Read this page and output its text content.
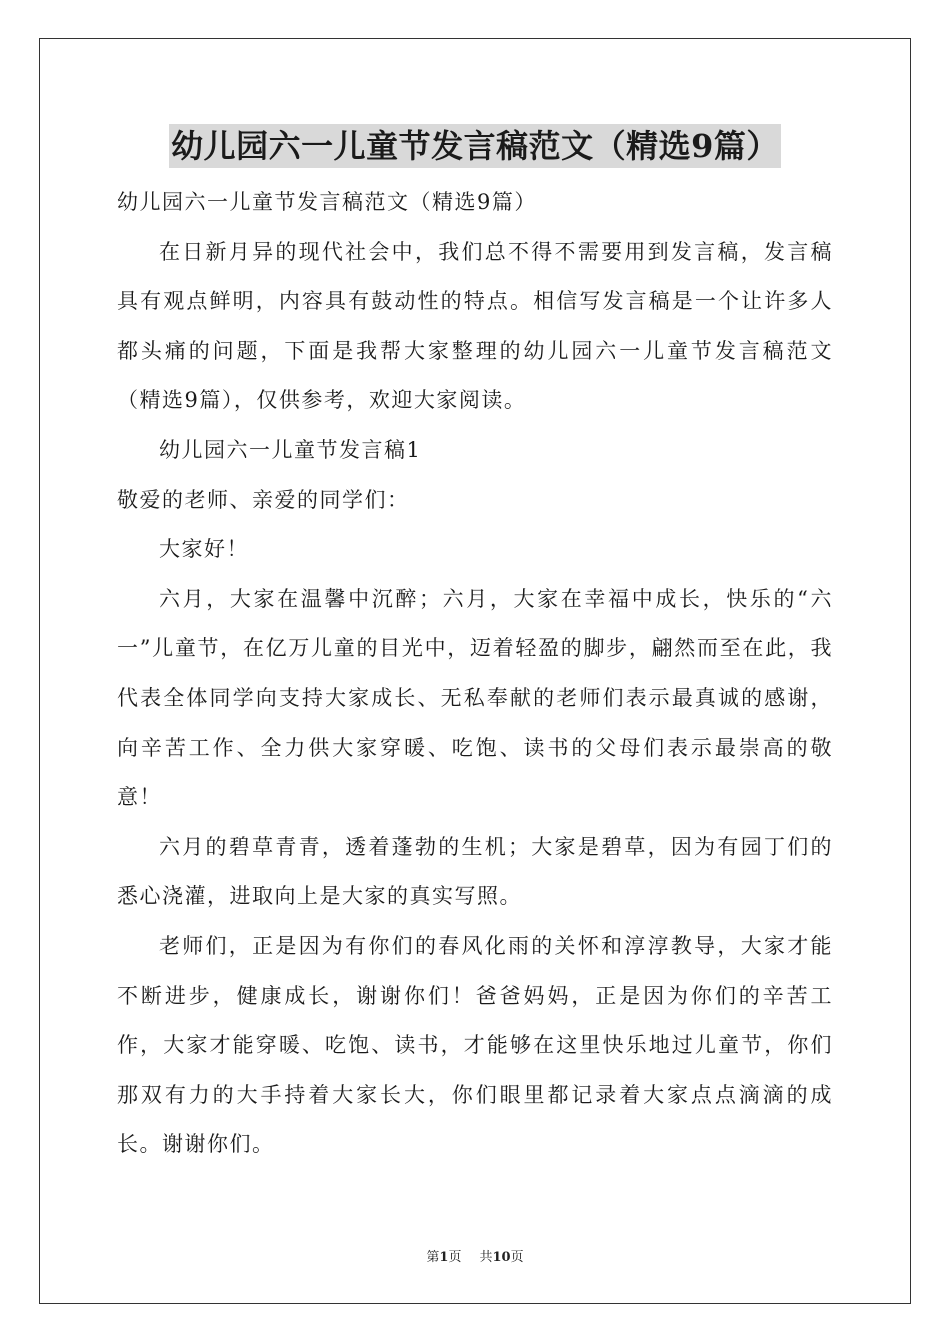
幼儿园六一儿童节发言稿范文（精选9篇）

幼儿园六一儿童节发言稿范文（精选9篇）

在日新月异的现代社会中，我们总不得不需要用到发言稿，发言稿具有观点鲜明，内容具有鼓动性的特点。相信写发言稿是一个让许多人都头痛的问题，下面是我帮大家整理的幼儿园六一儿童节发言稿范文（精选9篇），仅供参考，欢迎大家阅读。

幼儿园六一儿童节发言稿1

敬爱的老师、亲爱的同学们：

大家好！

六月，大家在温馨中沉醉；六月，大家在幸福中成长，快乐的“六一”儿童节，在亿万儿童的目光中，迈着轻盈的脚步，翩然而至在此，我代表全体同学向支持大家成长、无私奉献的老师们表示最真诚的感谢，向辛苦工作、全力供大家穿暖、吃饱、读书的父母们表示最崇高的敬意！

六月的碧草青青，透着蓬勃的生机；大家是碧草，因为有园丁们的悉心浇灌，进取向上是大家的真实写照。

老师们，正是因为有你们的春风化雨的关怀和淳淳教导，大家才能不断进步，健康成长，谢谢你们！爸爸妈妈，正是因为你们的辛苦工作，大家才能穿暖、吃饱、读书，才能够在这里快乐地过儿童节，你们那双有力的大手持着大家长大，你们眼里都记录着大家点点滴滴的成长。谢谢你们。

第1页 共10页
